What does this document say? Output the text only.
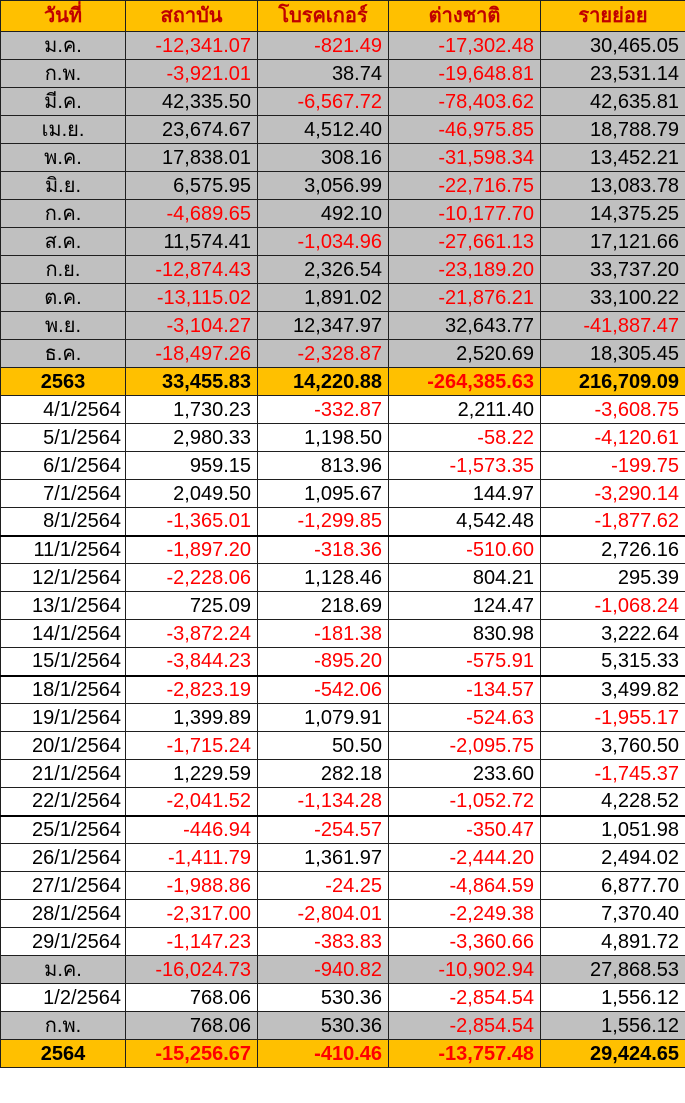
วันที่	สถาบัน	โบรคเกอร์	ต่างชาติ	รายย่อย
ม.ค.	-12,341.07	-821.49	-17,302.48	30,465.05
ก.พ.	-3,921.01	38.74	-19,648.81	23,531.14
มี.ค.	42,335.50	-6,567.72	-78,403.62	42,635.81
เม.ย.	23,674.67	4,512.40	-46,975.85	18,788.79
พ.ค.	17,838.01	308.16	-31,598.34	13,452.21
มิ.ย.	6,575.95	3,056.99	-22,716.75	13,083.78
ก.ค.	-4,689.65	492.10	-10,177.70	14,375.25
ส.ค.	11,574.41	-1,034.96	-27,661.13	17,121.66
ก.ย.	-12,874.43	2,326.54	-23,189.20	33,737.20
ต.ค.	-13,115.02	1,891.02	-21,876.21	33,100.22
พ.ย.	-3,104.27	12,347.97	32,643.77	-41,887.47
ธ.ค.	-18,497.26	-2,328.87	2,520.69	18,305.45
2563	33,455.83	14,220.88	-264,385.63	216,709.09
4/1/2564	1,730.23	-332.87	2,211.40	-3,608.75
5/1/2564	2,980.33	1,198.50	-58.22	-4,120.61
6/1/2564	959.15	813.96	-1,573.35	-199.75
7/1/2564	2,049.50	1,095.67	144.97	-3,290.14
8/1/2564	-1,365.01	-1,299.85	4,542.48	-1,877.62
11/1/2564	-1,897.20	-318.36	-510.60	2,726.16
12/1/2564	-2,228.06	1,128.46	804.21	295.39
13/1/2564	725.09	218.69	124.47	-1,068.24
14/1/2564	-3,872.24	-181.38	830.98	3,222.64
15/1/2564	-3,844.23	-895.20	-575.91	5,315.33
18/1/2564	-2,823.19	-542.06	-134.57	3,499.82
19/1/2564	1,399.89	1,079.91	-524.63	-1,955.17
20/1/2564	-1,715.24	50.50	-2,095.75	3,760.50
21/1/2564	1,229.59	282.18	233.60	-1,745.37
22/1/2564	-2,041.52	-1,134.28	-1,052.72	4,228.52
25/1/2564	-446.94	-254.57	-350.47	1,051.98
26/1/2564	-1,411.79	1,361.97	-2,444.20	2,494.02
27/1/2564	-1,988.86	-24.25	-4,864.59	6,877.70
28/1/2564	-2,317.00	-2,804.01	-2,249.38	7,370.40
29/1/2564	-1,147.23	-383.83	-3,360.66	4,891.72
ม.ค.	-16,024.73	-940.82	-10,902.94	27,868.53
1/2/2564	768.06	530.36	-2,854.54	1,556.12
ก.พ.	768.06	530.36	-2,854.54	1,556.12
2564	-15,256.67	-410.46	-13,757.48	29,424.65
